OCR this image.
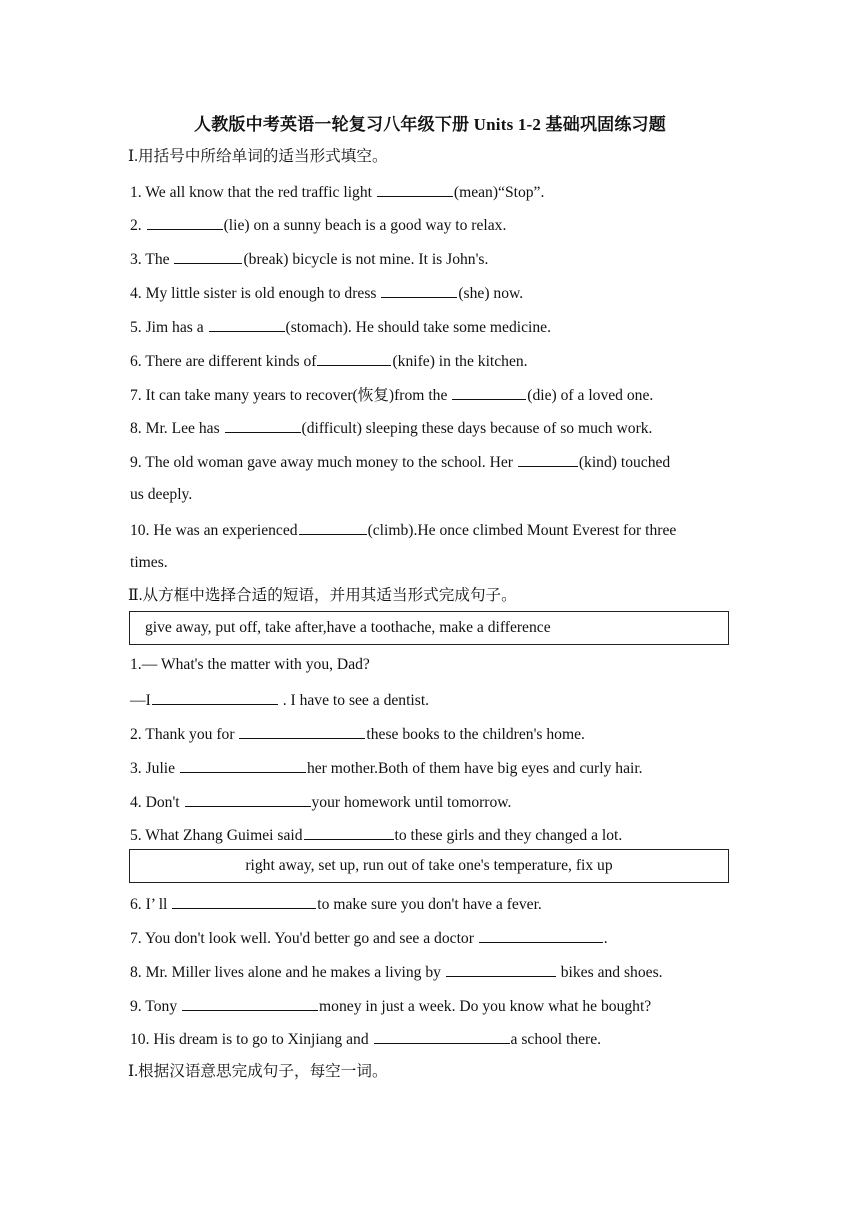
人教版中考英语一轮复习八年级下册 Units 1-2 基础巩固练习题
Ⅰ.用括号中所给单词的适当形式填空。
1. We all know that the red traffic light	(mean)“Stop”.
2.	(lie) on a sunny beach is a good way to relax.
3. The	(break) bicycle is not mine. It is John's.
4. My little sister is old enough to dress	(she) now.
5. Jim has a	(stomach). He should take some medicine.
6. There are different kinds of	(knife) in the kitchen.
7. It can take many years to recover(恢复)from the	(die) of a loved one.
8. Mr. Lee has	(difficult) sleeping these days because of so much work.
9. The old woman gave away much money to the school. Her	(kind) touched
us deeply.
10. He was an experienced	(climb).He once climbed Mount Everest for three
times.
Ⅱ.从方框中选择合适的短语，并用其适当形式完成句子。
give away, put off, take after,have a toothache, make a difference
1.— What's the matter with you, Dad?
—I	. I have to see a dentist.
2. Thank you for	these books to the children's home.
3. Julie	her mother.Both of them have big eyes and curly hair.
4. Don't	your homework until tomorrow.
5. What Zhang Guimei said	to these girls and they changed a lot.
right away, set up, run out of take one's temperature, fix up
6. I’ ll	to make sure you don't have a fever.
7. You don't look well. You'd better go and see a doctor	.
8. Mr. Miller lives alone and he makes a living by	bikes and shoes.
9. Tony	money in just a week. Do you know what he bought?
10. His dream is to go to Xinjiang and	a school there.
Ⅰ.根据汉语意思完成句子，每空一词。
